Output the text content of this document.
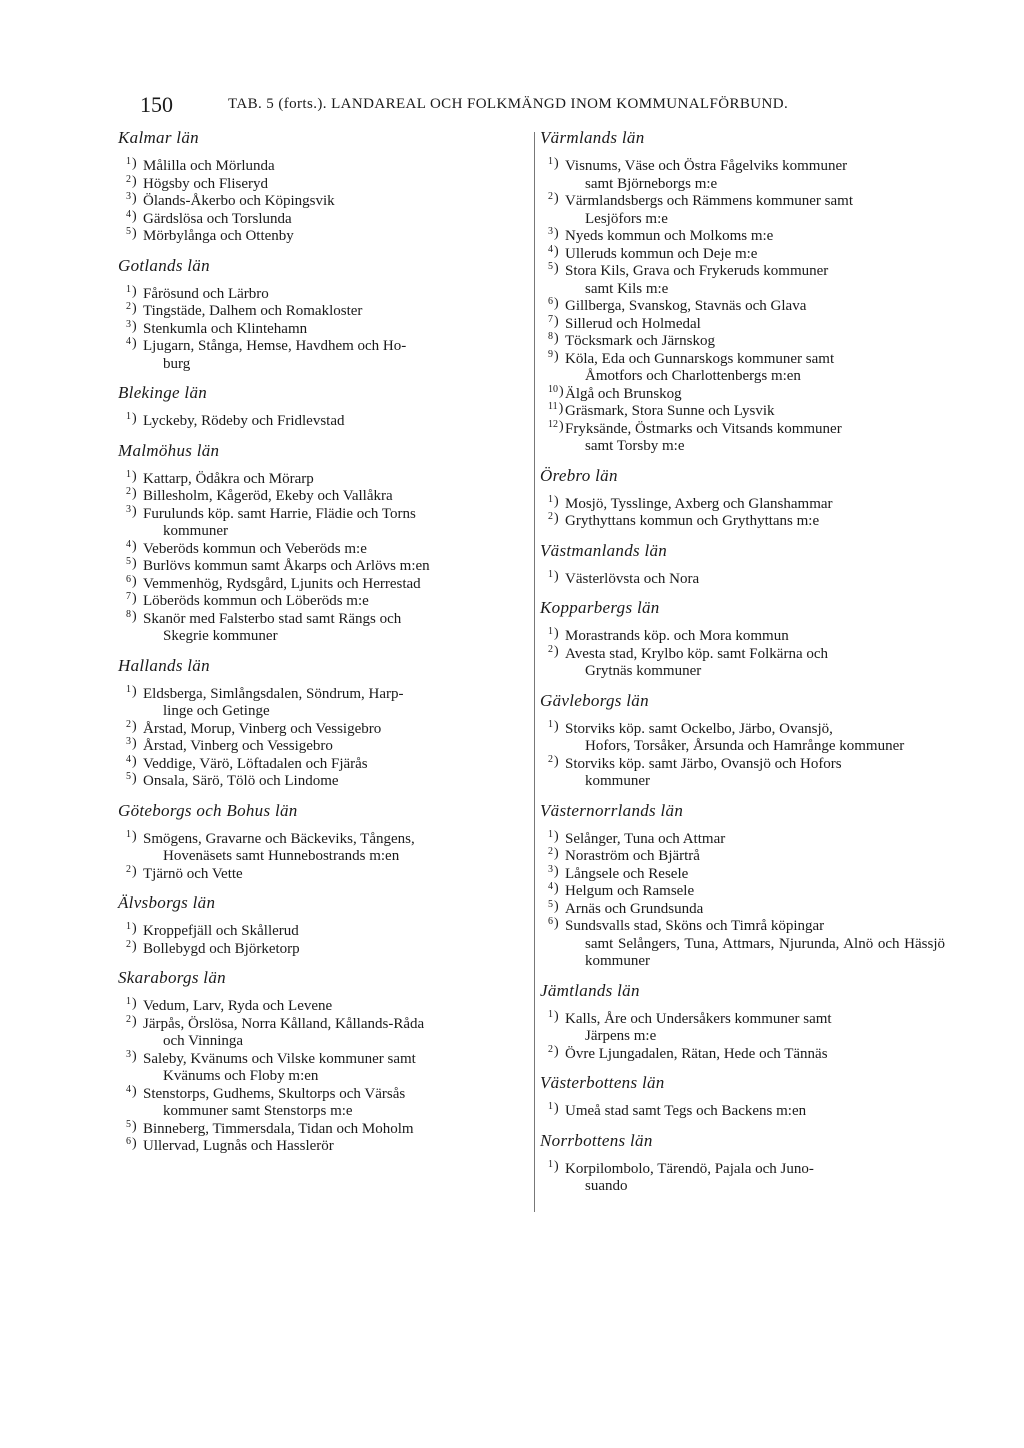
150	TAB. 5 (forts.). LANDAREAL OCH FOLKMÄNGD INOM KOMMUNALFÖRBUND.
Kalmar län
1 ) Målilla och Mörlunda
2 ) Högsby och Fliseryd
3 ) Ölands-Åkerbo och Köpingsvik
4 ) Gärdslösa och Torslunda
5 ) Mörbylånga och Ottenby
Gotlands län
1 ) Fårösund och Lärbro
2 ) Tingstäde, Dalhem och Romakloster
3 ) Stenkumla och Klintehamn
4 ) Ljugarn, Stånga, Hemse, Havdhem och Ho-
burg
Blekinge län
1 ) Lyckeby, Rödeby och Fridlevstad
Malmöhus län
1 ) Kattarp, Ödåkra och Mörarp
2 ) Billesholm, Kågeröd, Ekeby och Vallåkra
3 ) Furulunds köp. samt Harrie, Flädie och Torns
kommuner
4 ) Veberöds kommun och Veberöds m:e
5 ) Burlövs kommun samt Åkarps och Arlövs m:en
6 ) Vemmenhög, Rydsgård, Ljunits och Herrestad
7 ) Löberöds kommun och Löberöds m:e
8 ) Skanör med Falsterbo stad samt Rängs och
Skegrie kommuner
Hallands län
1 ) Eldsberga, Simlångsdalen, Söndrum, Harp-
linge och Getinge
2 ) Årstad, Morup, Vinberg och Vessigebro
3 ) Årstad, Vinberg och Vessigebro
4 ) Veddige, Värö, Löftadalen och Fjärås
5 ) Onsala, Särö, Tölö och Lindome
Göteborgs och Bohus län
1 ) Smögens, Gravarne och Bäckeviks, Tångens,
Hovenäsets samt Hunnebostrands m:en
2 ) Tjärnö och Vette
Älvsborgs län
1 ) Kroppefjäll och Skållerud
2 ) Bollebygd och Björketorp
Skaraborgs län
1 ) Vedum, Larv, Ryda och Levene
2 ) Järpås, Örslösa, Norra Kålland, Kållands-Råda
och Vinninga
3 ) Saleby, Kvänums och Vilske kommuner samt
Kvänums och Floby m:en
4 ) Stenstorps, Gudhems, Skultorps och Värsås
kommuner samt Stenstorps m:e
5 ) Binneberg, Timmersdala, Tidan och Moholm
6 ) Ullervad, Lugnås och Hasslerör
Värmlands län
1 ) Visnums, Väse och Östra Fågelviks kommuner
samt Björneborgs m:e
2 ) Värmlandsbergs och Rämmens kommuner samt
Lesjöfors m:e
3 ) Nyeds kommun och Molkoms m:e
4 ) Ulleruds kommun och Deje m:e
5 ) Stora Kils, Grava och Frykeruds kommuner
samt Kils m:e
6 ) Gillberga, Svanskog, Stavnäs och Glava
7 ) Sillerud och Holmedal
8 ) Töcksmark och Järnskog
9 ) Köla, Eda och Gunnarskogs kommuner samt
Åmotfors och Charlottenbergs m:en
10 ) Älgå och Brunskog
11 ) Gräsmark, Stora Sunne och Lysvik
12 ) Fryksände, Östmarks och Vitsands kommuner
samt Torsby m:e
Örebro län
1 ) Mosjö, Tysslinge, Axberg och Glanshammar
2 ) Grythyttans kommun och Grythyttans m:e
Västmanlands län
1 ) Västerlövsta och Nora
Kopparbergs län
1 ) Morastrands köp. och Mora kommun
2 ) Avesta stad, Krylbo köp. samt Folkärna och
Grytnäs kommuner
Gävleborgs län
1 ) Storviks köp. samt Ockelbo, Järbo, Ovansjö,
Hofors, Torsåker, Årsunda och Hamrånge kommuner
2 ) Storviks köp. samt Järbo, Ovansjö och Hofors
kommuner
Västernorrlands län
1 ) Selånger, Tuna och Attmar
2 ) Noraström och Bjärtrå
3 ) Långsele och Resele
4 ) Helgum och Ramsele
5 ) Arnäs och Grundsunda
6 ) Sundsvalls stad, Sköns och Timrå köpingar
samt Selångers, Tuna, Attmars, Njurunda, Alnö och Hässjö kommuner
Jämtlands län
1 ) Kalls, Åre och Undersåkers kommuner samt
Järpens m:e
2 ) Övre Ljungadalen, Rätan, Hede och Tännäs
Västerbottens län
1 ) Umeå stad samt Tegs och Backens m:en
Norrbottens län
1 ) Korpilombolo, Tärendö, Pajala och Juno-
suando
